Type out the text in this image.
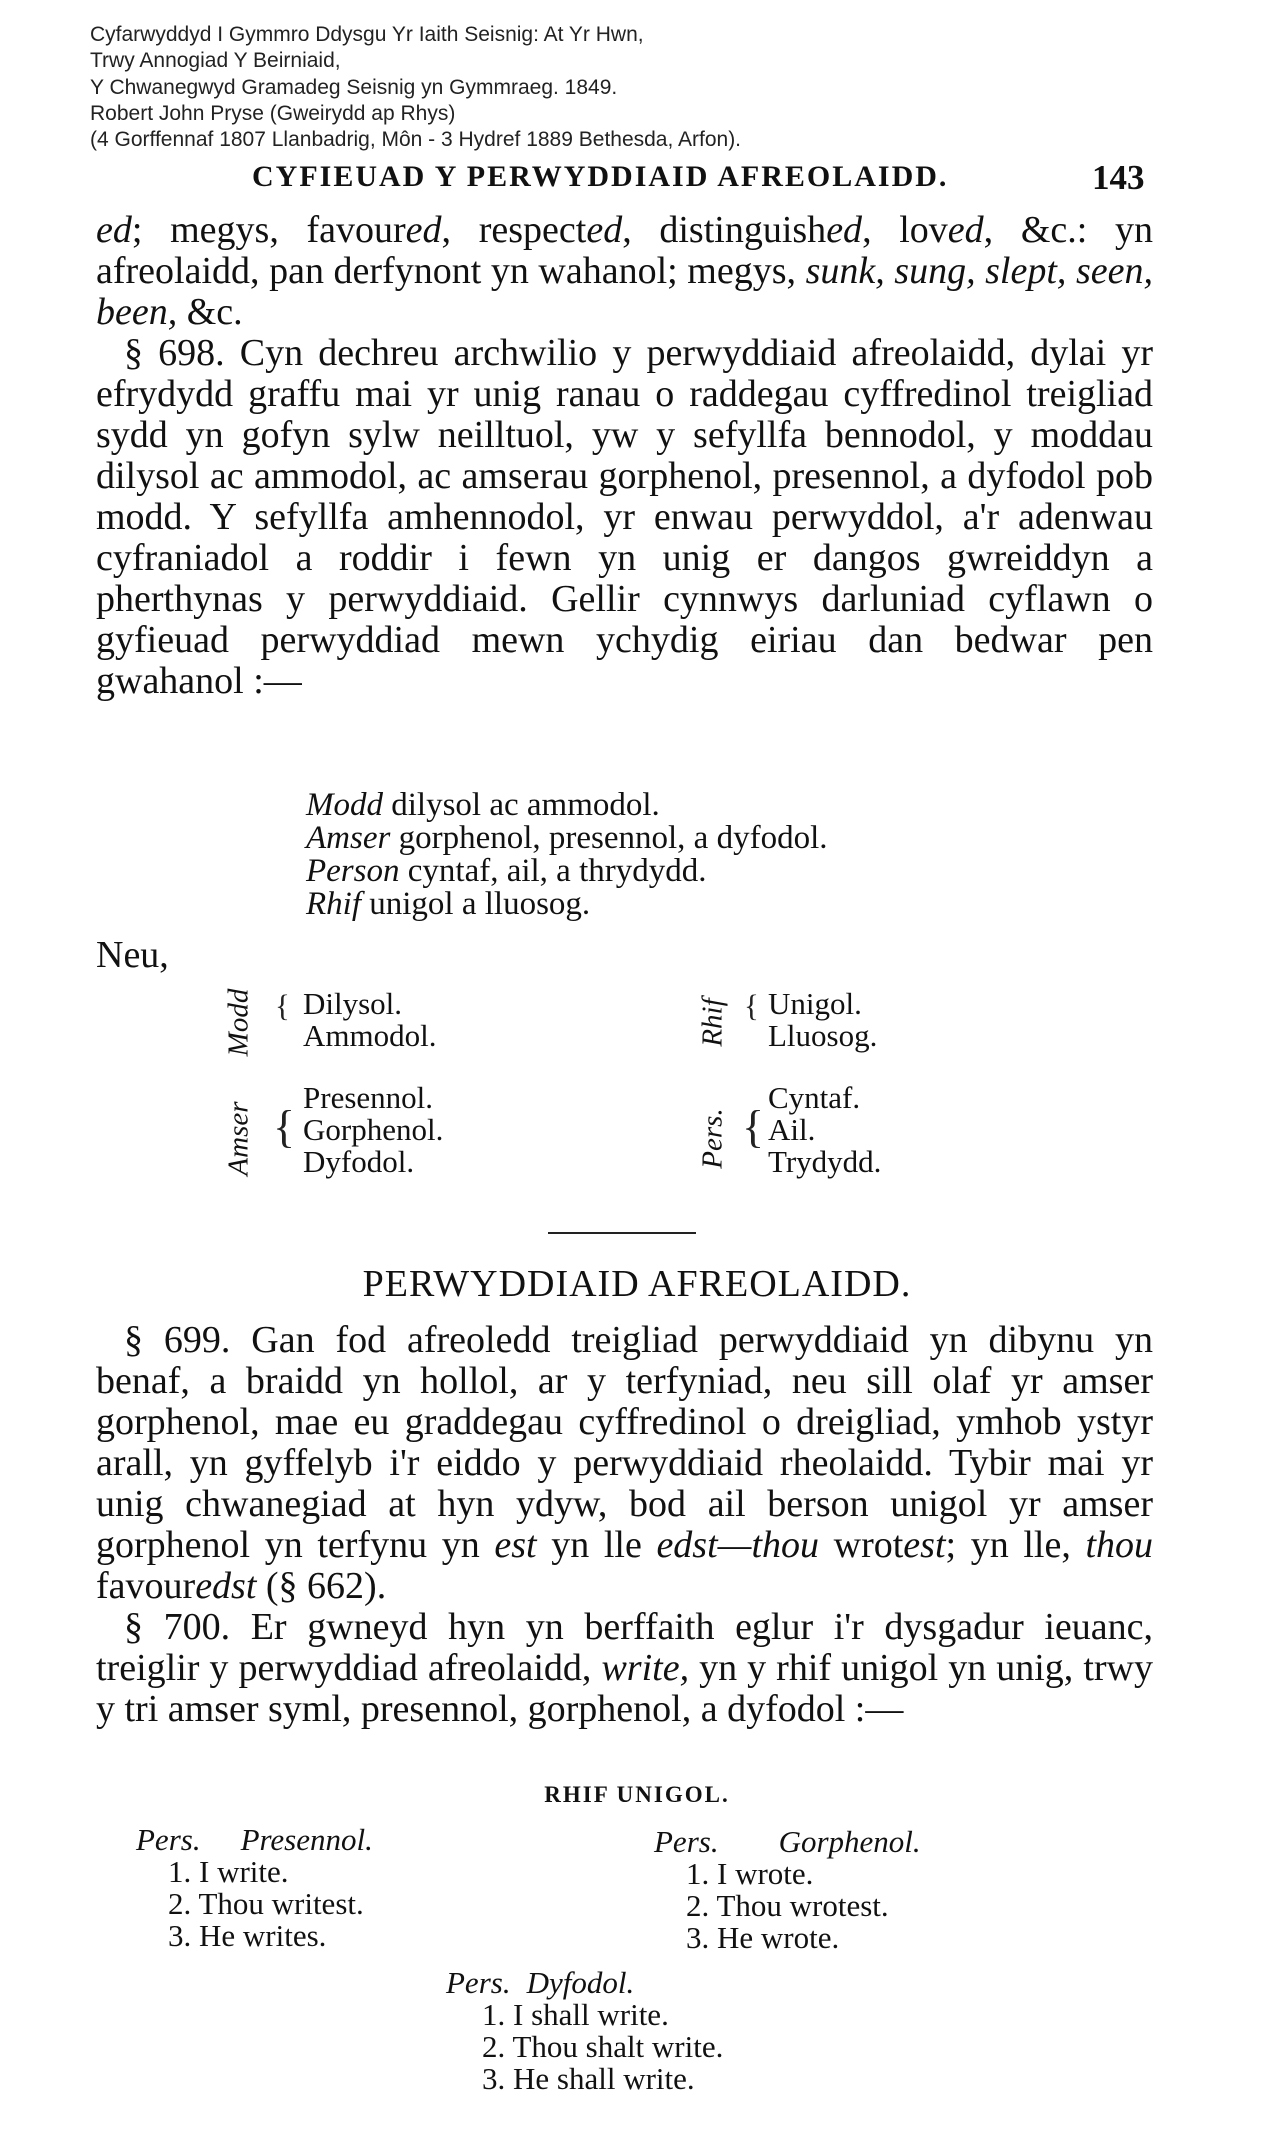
Cyfarwyddyd I Gymmro Ddysgu Yr Iaith Seisnig: At Yr Hwn,
Trwy Annogiad Y Beirniaid,
Y Chwanegwyd Gramadeg Seisnig yn Gymmraeg. 1849.
Robert John Pryse (Gweirydd ap Rhys)
(4 Gorffennaf 1807 Llanbadrig, Môn - 3 Hydref 1889 Bethesda, Arfon).
CYFIEUAD Y PERWYDDIAID AFREOLAIDD.	143

ed; megys, favoured, respected, distinguished, loved, &c.: yn afreolaidd, pan derfynont yn wahanol; megys, sunk, sung, slept, seen, been, &c.

§ 698. Cyn dechreu archwilio y perwyddiaid afreolaidd, dylai yr efrydydd graffu mai yr unig ranau o raddegau cyffredinol treigliad sydd yn gofyn sylw neilltuol, yw y sefyllfa bennodol, y moddau dilysol ac ammodol, ac amserau gorphenol, presennol, a dyfodol pob modd. Y sefyllfa amhennodol, yr enwau perwyddol, a'r adenwau cyfraniadol a roddir i fewn yn unig er dangos gwreiddyn a pherthynas y perwyddiaid. Gellir cynnwys darluniad cyflawn o gyfieuad perwyddiad mewn ychydig eiriau dan bedwar pen gwahanol :—

Modd dilysol ac ammodol.
Amser gorphenol, presennol, a dyfodol.
Person cyntaf, ail, a thrydydd.
Rhif unigol a lluosog.
Neu,
Modd
Amser
{ Dilysol.
Ammodol.
{
Presennol.
Gorphenol.
Dyfodol.
Rhif
Pers.
{ Unigol.
Lluosog.
{
Cyntaf.
Ail.
Trydydd.
PERWYDDIAID AFREOLAIDD.

§ 699. Gan fod afreoledd treigliad perwyddiaid yn dibynu yn benaf, a braidd yn hollol, ar y terfyniad, neu sill olaf yr amser gorphenol, mae eu graddegau cyffredinol o dreigliad, ymhob ystyr arall, yn gyffelyb i'r eiddo y perwyddiaid rheolaidd. Tybir mai yr unig chwanegiad at hyn ydyw, bod ail berson unigol yr amser gorphenol yn terfynu yn est yn lle edst—thou wrotest; yn lle, thou favouredst (§ 662).

§ 700. Er gwneyd hyn yn berffaith eglur i'r dysgadur ieuanc, treiglir y perwyddiad afreolaidd, write, yn y rhif unigol yn unig, trwy y tri amser syml, presennol, gorphenol, a dyfodol :—

RHIF UNIGOL.
Pers. Presennol.
1. I write.
2. Thou writest.
3. He writes.
Pers. Gorphenol.
1. I wrote.
2. Thou wrotest.
3. He wrote.
Pers. Dyfodol.
1. I shall write.
2. Thou shalt write.
3. He shall write.
